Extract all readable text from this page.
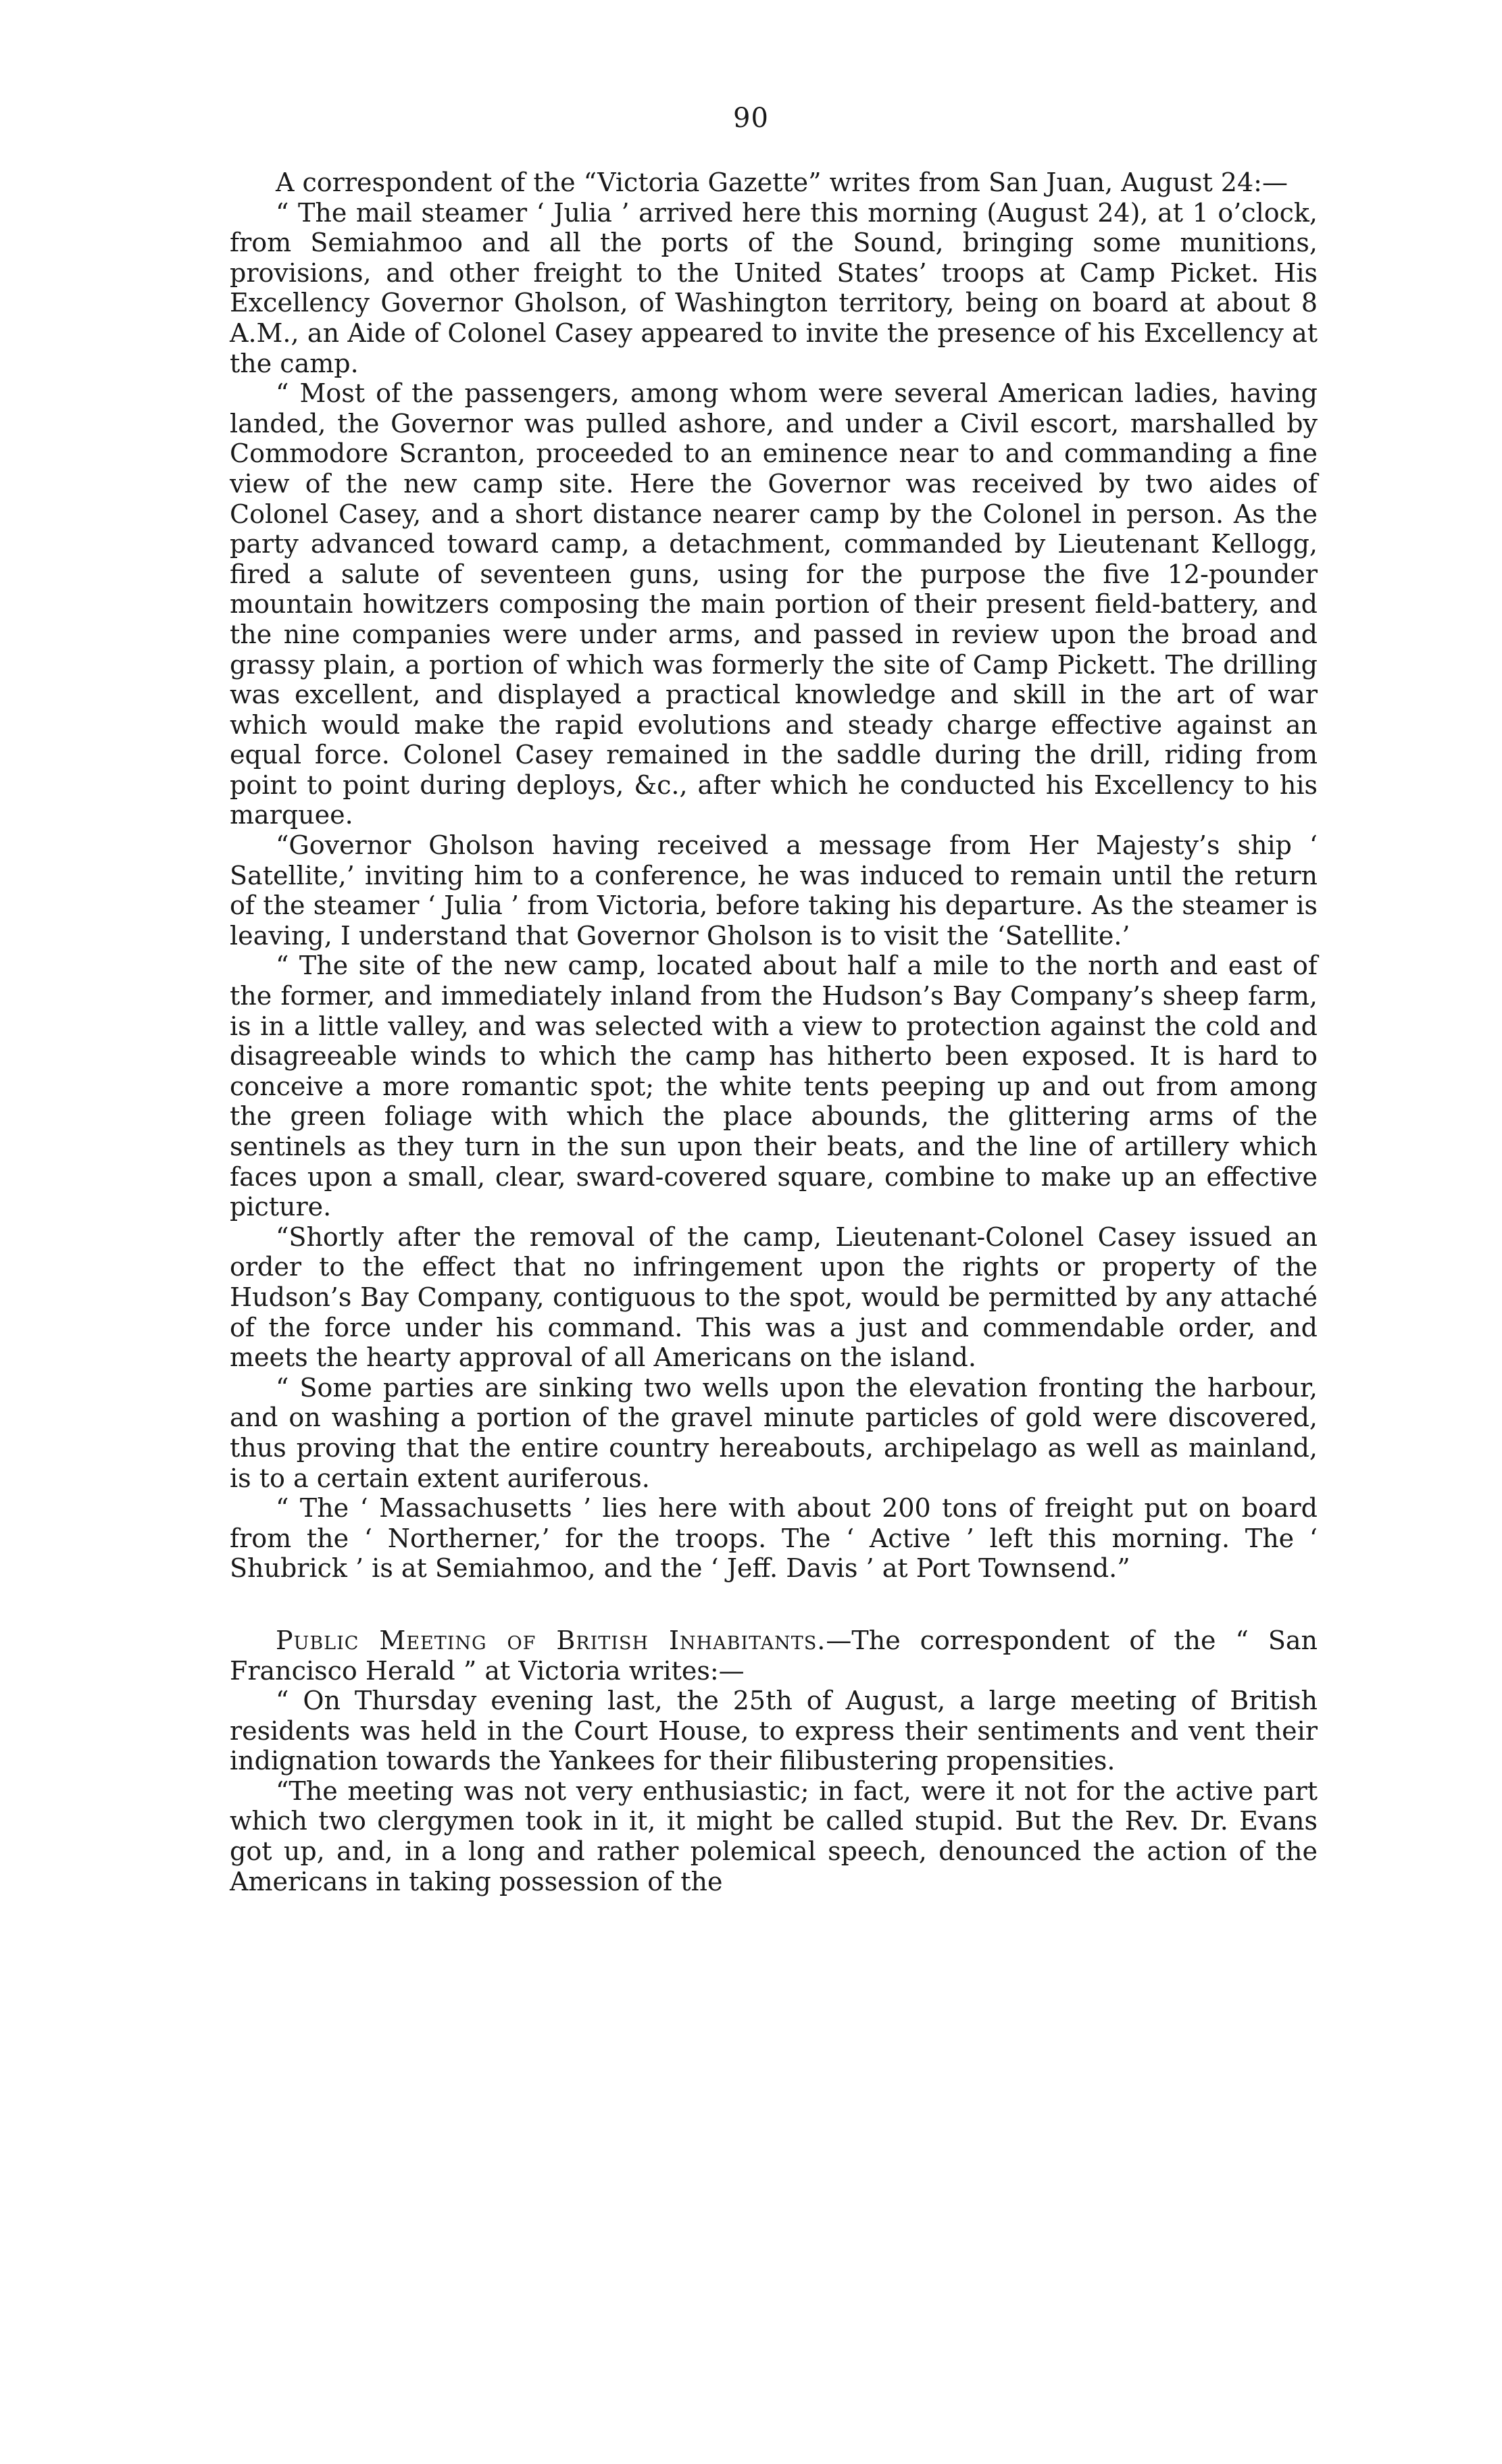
90

A correspondent of the “Victoria Gazette” writes from San Juan, August 24:—

“ The mail steamer ‘ Julia ’ arrived here this morning (August 24), at 1 o’clock, from Semiahmoo and all the ports of the Sound, bringing some munitions, provisions, and other freight to the United States’ troops at Camp Picket. His Excellency Governor Gholson, of Washington territory, being on board at about 8 A.M., an Aide of Colonel Casey appeared to invite the presence of his Excellency at the camp.

“ Most of the passengers, among whom were several American ladies, having landed, the Governor was pulled ashore, and under a Civil escort, marshalled by Commodore Scranton, proceeded to an eminence near to and commanding a fine view of the new camp site. Here the Governor was received by two aides of Colonel Casey, and a short distance nearer camp by the Colonel in person. As the party advanced toward camp, a detachment, commanded by Lieutenant Kellogg, fired a salute of seventeen guns, using for the purpose the five 12-pounder mountain howitzers composing the main portion of their present field-battery, and the nine companies were under arms, and passed in review upon the broad and grassy plain, a portion of which was formerly the site of Camp Pickett. The drilling was excellent, and displayed a practical knowledge and skill in the art of war which would make the rapid evolutions and steady charge effective against an equal force. Colonel Casey remained in the saddle during the drill, riding from point to point during deploys, &c., after which he conducted his Excellency to his marquee.

“Governor Gholson having received a message from Her Majesty’s ship ‘ Satellite,’ inviting him to a conference, he was induced to remain until the return of the steamer ‘ Julia ’ from Victoria, before taking his departure. As the steamer is leaving, I understand that Governor Gholson is to visit the ‘Satellite.’

“ The site of the new camp, located about half a mile to the north and east of the former, and immediately inland from the Hudson’s Bay Company’s sheep farm, is in a little valley, and was selected with a view to protection against the cold and disagreeable winds to which the camp has hitherto been exposed. It is hard to conceive a more romantic spot; the white tents peeping up and out from among the green foliage with which the place abounds, the glittering arms of the sentinels as they turn in the sun upon their beats, and the line of artillery which faces upon a small, clear, sward-covered square, combine to make up an effective picture.

“Shortly after the removal of the camp, Lieutenant-Colonel Casey issued an order to the effect that no infringement upon the rights or property of the Hudson’s Bay Company, contiguous to the spot, would be permitted by any attaché of the force under his command. This was a just and commendable order, and meets the hearty approval of all Americans on the island.

“ Some parties are sinking two wells upon the elevation fronting the harbour, and on washing a portion of the gravel minute particles of gold were discovered, thus proving that the entire country hereabouts, archipelago as well as mainland, is to a certain extent auriferous.

“ The ‘ Massachusetts ’ lies here with about 200 tons of freight put on board from the ‘ Northerner,’ for the troops. The ‘ Active ’ left this morning. The ‘ Shubrick ’ is at Semiahmoo, and the ‘ Jeff. Davis ’ at Port Townsend.”

Public Meeting of British Inhabitants.—The correspondent of the “ San Francisco Herald ” at Victoria writes:—

“ On Thursday evening last, the 25th of August, a large meeting of British residents was held in the Court House, to express their sentiments and vent their indignation towards the Yankees for their filibustering propensities.

“The meeting was not very enthusiastic; in fact, were it not for the active part which two clergymen took in it, it might be called stupid. But the Rev. Dr. Evans got up, and, in a long and rather polemical speech, denounced the action of the Americans in taking possession of the
